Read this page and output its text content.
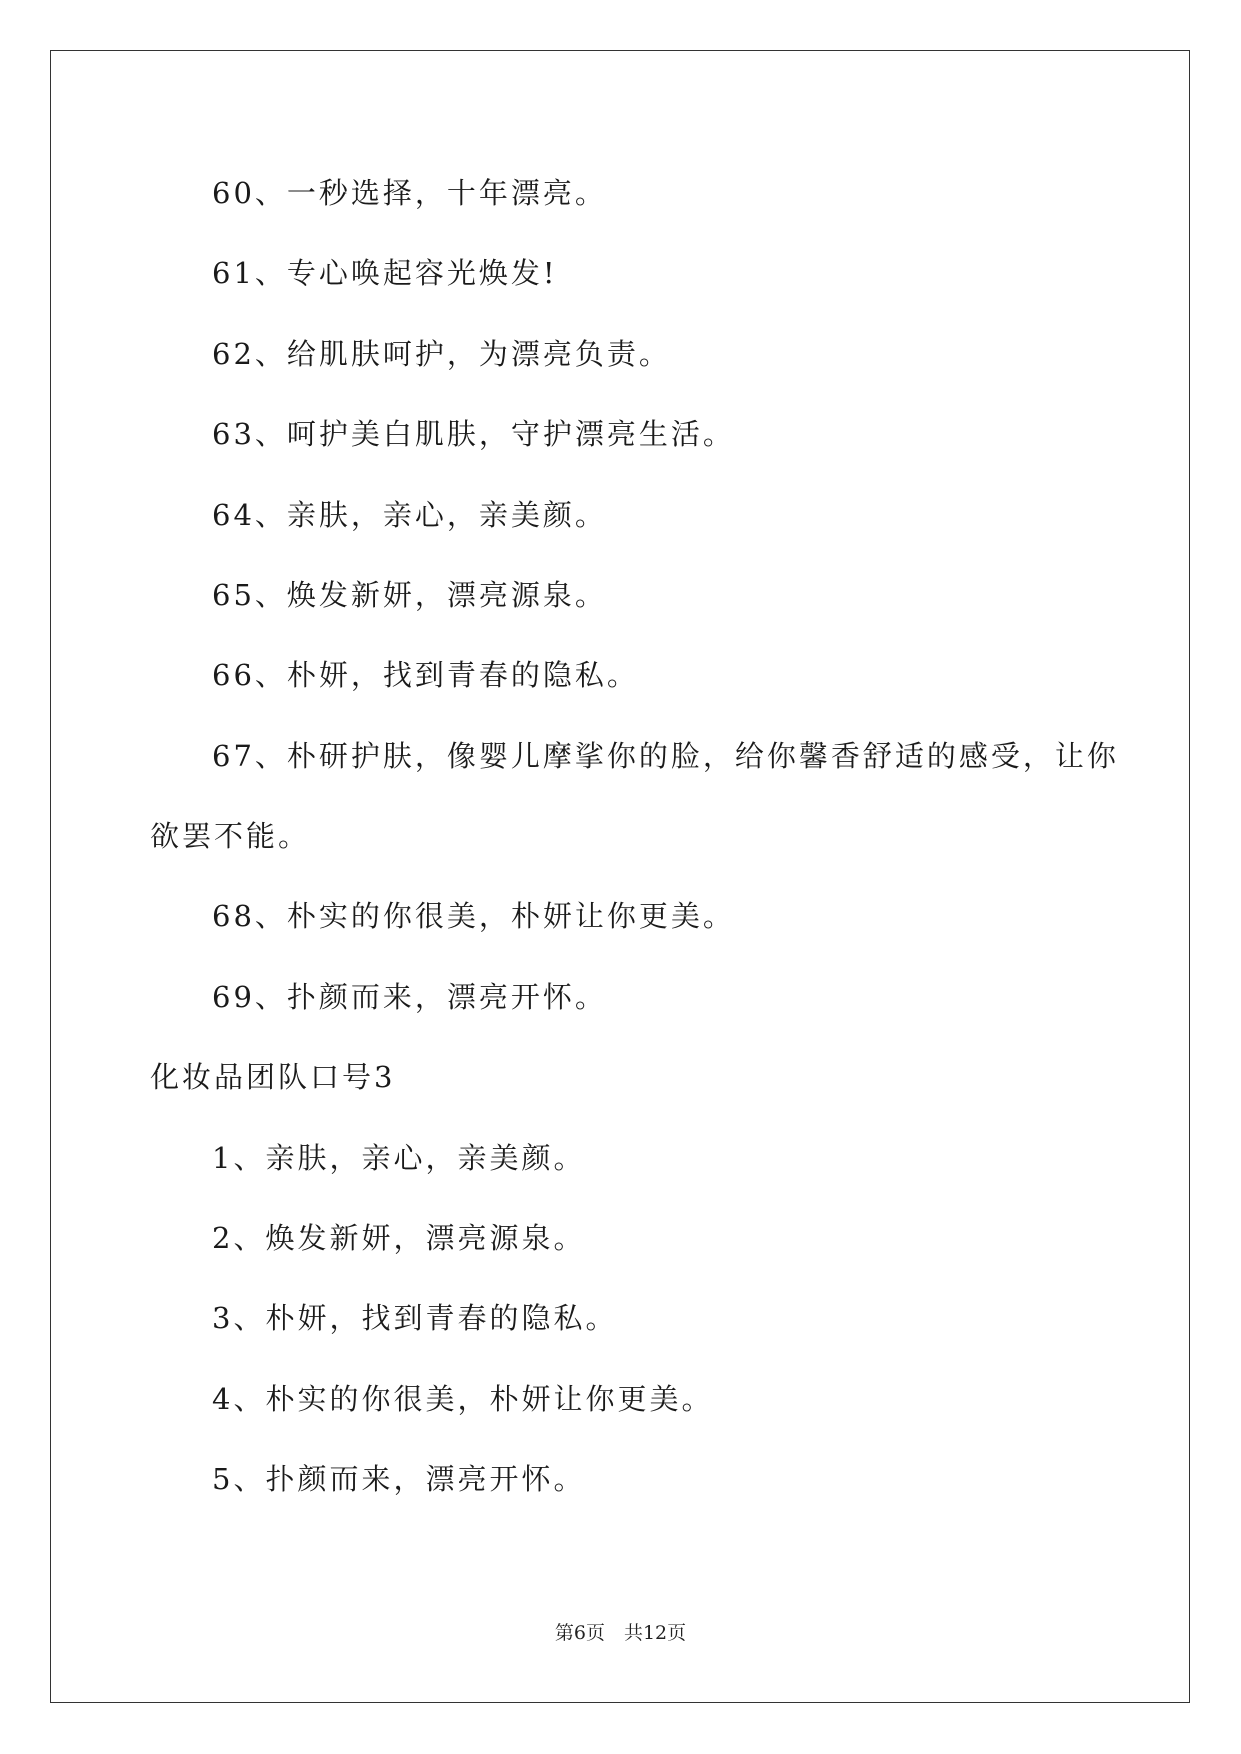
60、一秒选择，十年漂亮。
61、专心唤起容光焕发!
62、给肌肤呵护，为漂亮负责。
63、呵护美白肌肤，守护漂亮生活。
64、亲肤，亲心，亲美颜。
65、焕发新妍，漂亮源泉。
66、朴妍，找到青春的隐私。
67、朴研护肤，像婴儿摩挲你的脸，给你馨香舒适的感受，让你
欲罢不能。
68、朴实的你很美，朴妍让你更美。
69、扑颜而来，漂亮开怀。
化妆品团队口号3
1、亲肤，亲心，亲美颜。
2、焕发新妍，漂亮源泉。
3、朴妍，找到青春的隐私。
4、朴实的你很美，朴妍让你更美。
5、扑颜而来，漂亮开怀。
第6页　共12页
